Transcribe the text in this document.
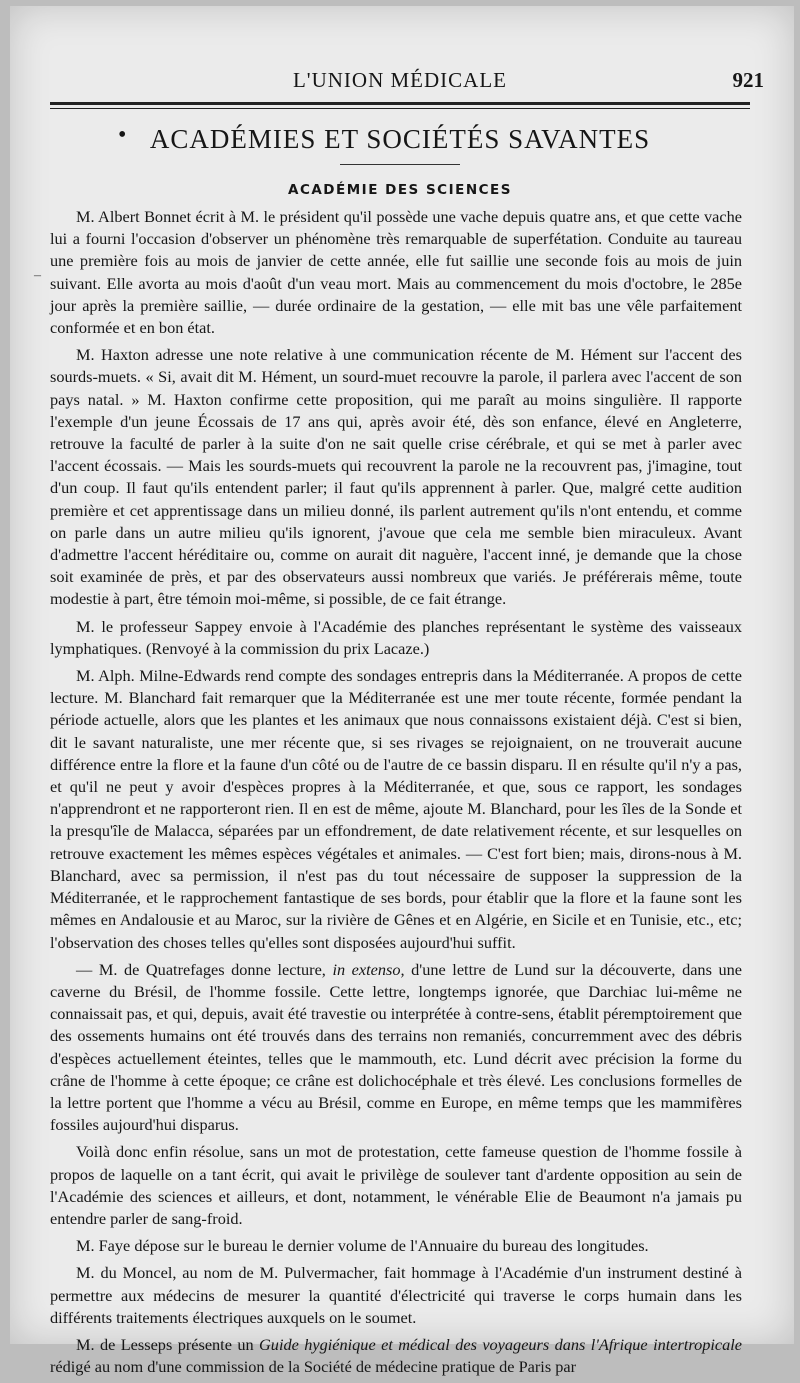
L'UNION MÉDICALE	921
• ACADÉMIES ET SOCIÉTÉS SAVANTES
ACADÉMIE DES SCIENCES
–

M. Albert Bonnet écrit à M. le président qu'il possède une vache depuis quatre ans, et que cette vache lui a fourni l'occasion d'observer un phénomène très remarquable de superfétation. Conduite au taureau une première fois au mois de janvier de cette année, elle fut saillie une seconde fois au mois de juin suivant. Elle avorta au mois d'août d'un veau mort. Mais au commencement du mois d'octobre, le 285e jour après la première saillie, — durée ordinaire de la gestation, — elle mit bas une vêle parfaitement conformée et en bon état.

M. Haxton adresse une note relative à une communication récente de M. Hément sur l'accent des sourds-muets. « Si, avait dit M. Hément, un sourd-muet recouvre la parole, il parlera avec l'accent de son pays natal. » M. Haxton confirme cette proposition, qui me paraît au moins singulière. Il rapporte l'exemple d'un jeune Écossais de 17 ans qui, après avoir été, dès son enfance, élevé en Angleterre, retrouve la faculté de parler à la suite d'on ne sait quelle crise cérébrale, et qui se met à parler avec l'accent écossais. — Mais les sourds-muets qui recouvrent la parole ne la recouvrent pas, j'imagine, tout d'un coup. Il faut qu'ils entendent parler; il faut qu'ils apprennent à parler. Que, malgré cette audition première et cet apprentissage dans un milieu donné, ils parlent autrement qu'ils n'ont entendu, et comme on parle dans un autre milieu qu'ils ignorent, j'avoue que cela me semble bien miraculeux. Avant d'admettre l'accent héréditaire ou, comme on aurait dit naguère, l'accent inné, je demande que la chose soit examinée de près, et par des observateurs aussi nombreux que variés. Je préférerais même, toute modestie à part, être témoin moi-même, si possible, de ce fait étrange.

M. le professeur Sappey envoie à l'Académie des planches représentant le système des vaisseaux lymphatiques. (Renvoyé à la commission du prix Lacaze.)

M. Alph. Milne-Edwards rend compte des sondages entrepris dans la Méditerranée. A propos de cette lecture. M. Blanchard fait remarquer que la Méditerranée est une mer toute récente, formée pendant la période actuelle, alors que les plantes et les animaux que nous connaissons existaient déjà. C'est si bien, dit le savant naturaliste, une mer récente que, si ses rivages se rejoignaient, on ne trouverait aucune différence entre la flore et la faune d'un côté ou de l'autre de ce bassin disparu. Il en résulte qu'il n'y a pas, et qu'il ne peut y avoir d'espèces propres à la Méditerranée, et que, sous ce rapport, les sondages n'apprendront et ne rapporteront rien. Il en est de même, ajoute M. Blanchard, pour les îles de la Sonde et la presqu'île de Malacca, séparées par un effondrement, de date relativement récente, et sur lesquelles on retrouve exactement les mêmes espèces végétales et animales. — C'est fort bien; mais, dirons-nous à M. Blanchard, avec sa permission, il n'est pas du tout nécessaire de supposer la suppression de la Méditerranée, et le rapprochement fantastique de ses bords, pour établir que la flore et la faune sont les mêmes en Andalousie et au Maroc, sur la rivière de Gênes et en Algérie, en Sicile et en Tunisie, etc., etc; l'observation des choses telles qu'elles sont disposées aujourd'hui suffit.

— M. de Quatrefages donne lecture, in extenso, d'une lettre de Lund sur la découverte, dans une caverne du Brésil, de l'homme fossile. Cette lettre, longtemps ignorée, que Darchiac lui-même ne connaissait pas, et qui, depuis, avait été travestie ou interprétée à contre-sens, établit péremptoirement que des ossements humains ont été trouvés dans des terrains non remaniés, concurremment avec des débris d'espèces actuellement éteintes, telles que le mammouth, etc. Lund décrit avec précision la forme du crâne de l'homme à cette époque; ce crâne est dolichocéphale et très élevé. Les conclusions formelles de la lettre portent que l'homme a vécu au Brésil, comme en Europe, en même temps que les mammifères fossiles aujourd'hui disparus.

Voilà donc enfin résolue, sans un mot de protestation, cette fameuse question de l'homme fossile à propos de laquelle on a tant écrit, qui avait le privilège de soulever tant d'ardente opposition au sein de l'Académie des sciences et ailleurs, et dont, notamment, le vénérable Elie de Beaumont n'a jamais pu entendre parler de sang-froid.

M. Faye dépose sur le bureau le dernier volume de l'Annuaire du bureau des longitudes.

M. du Moncel, au nom de M. Pulvermacher, fait hommage à l'Académie d'un instrument destiné à permettre aux médecins de mesurer la quantité d'électricité qui traverse le corps humain dans les différents traitements électriques auxquels on le soumet.

M. de Lesseps présente un Guide hygiénique et médical des voyageurs dans l'Afrique intertropicale rédigé au nom d'une commission de la Société de médecine pratique de Paris par
